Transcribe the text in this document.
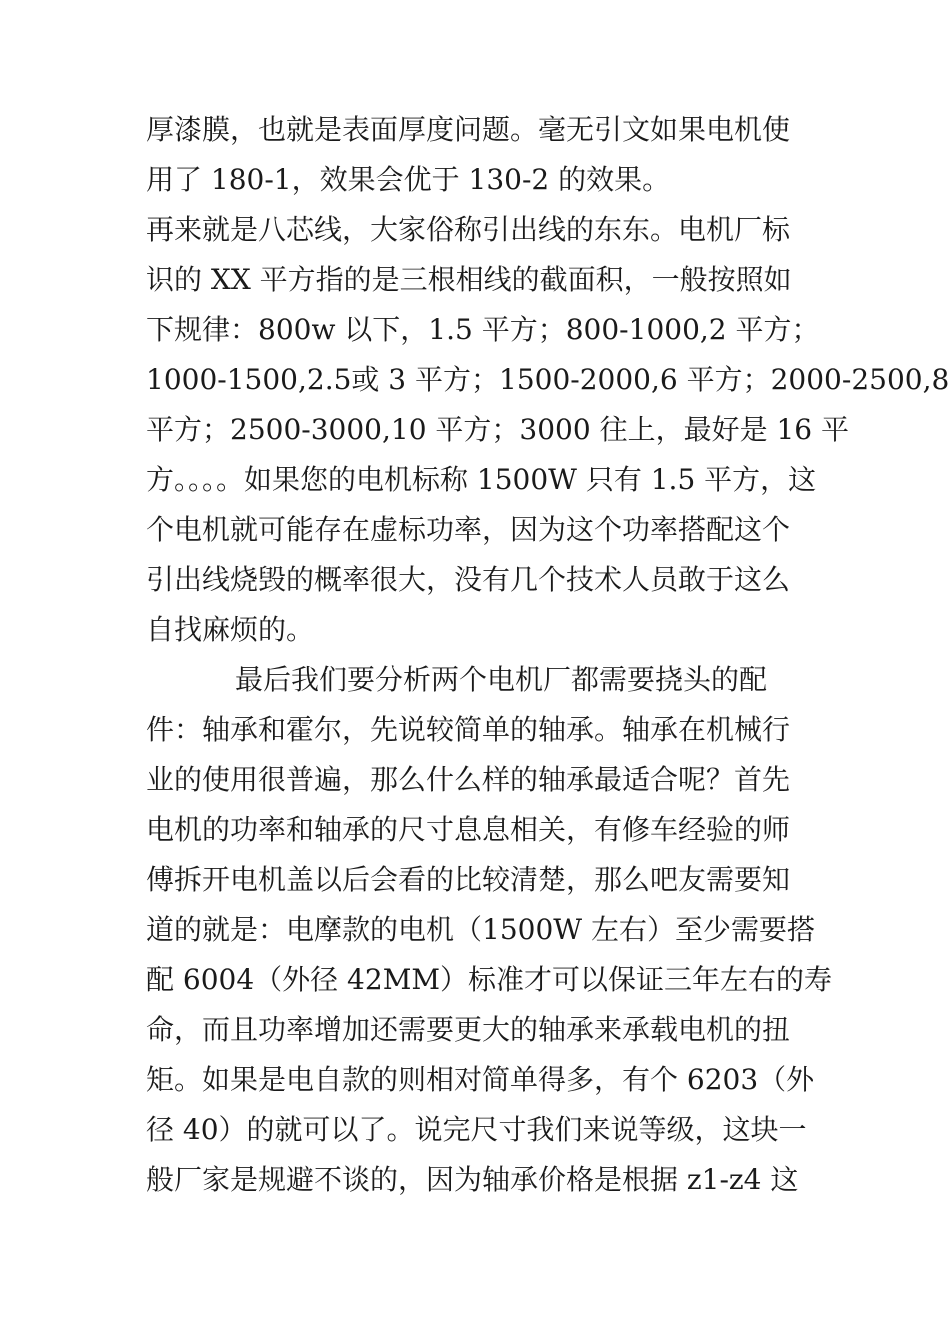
厚漆膜，也就是表面厚度问题。毫无引文如果电机使
用了 180-1，效果会优于 130-2 的效果。
再来就是八芯线，大家俗称引出线的东东。电机厂标
识的 XX 平方指的是三根相线的截面积，一般按照如
下规律：800w 以下，1.5 平方；800-1000,2 平方；
1000-1500,2.5或 3 平方；1500-2000,6 平方；2000-2500,8
平方；2500-3000,10 平方；3000 往上，最好是 16 平
方。。。。如果您的电机标称 1500W 只有 1.5 平方，这
个电机就可能存在虚标功率，因为这个功率搭配这个
引出线烧毁的概率很大，没有几个技术人员敢于这么
自找麻烦的。
最后我们要分析两个电机厂都需要挠头的配
件：轴承和霍尔，先说较简单的轴承。轴承在机械行
业的使用很普遍，那么什么样的轴承最适合呢？首先
电机的功率和轴承的尺寸息息相关，有修车经验的师
傅拆开电机盖以后会看的比较清楚，那么吧友需要知
道的就是：电摩款的电机（1500W 左右）至少需要搭
配 6004（外径 42MM）标准才可以保证三年左右的寿
命，而且功率增加还需要更大的轴承来承载电机的扭
矩。如果是电自款的则相对简单得多，有个 6203（外
径 40）的就可以了。说完尺寸我们来说等级，这块一
般厂家是规避不谈的，因为轴承价格是根据 z1-z4 这
